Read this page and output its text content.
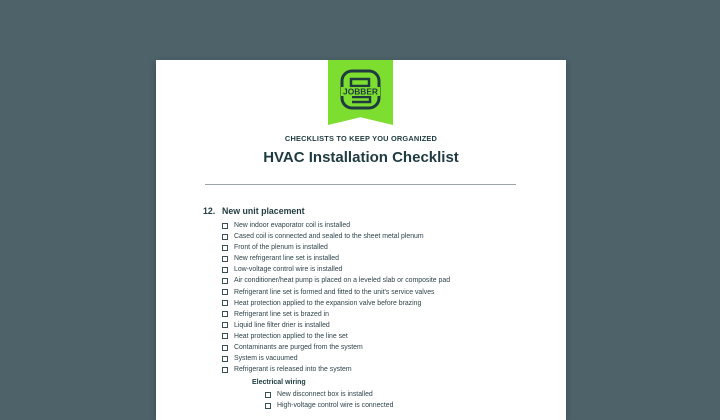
JOBBER
CHECKLISTS TO KEEP YOU ORGANIZED
HVAC Installation Checklist
12. New unit placement
New indoor evaporator coil is installed
Cased coil is connected and sealed to the sheet metal plenum
Front of the plenum is installed
New refrigerant line set is installed
Low-voltage control wire is installed
Air conditioner/heat pump is placed on a leveled slab or composite pad
Refrigerant line set is formed and fitted to the unit's service valves
Heat protection applied to the expansion valve before brazing
Refrigerant line set is brazed in
Liquid line filter drier is installed
Heat protection applied to the line set
Contaminants are purged from the system
System is vacuumed
Refrigerant is released into the system
Electrical wiring
New disconnect box is installed
High-voltage control wire is connected
